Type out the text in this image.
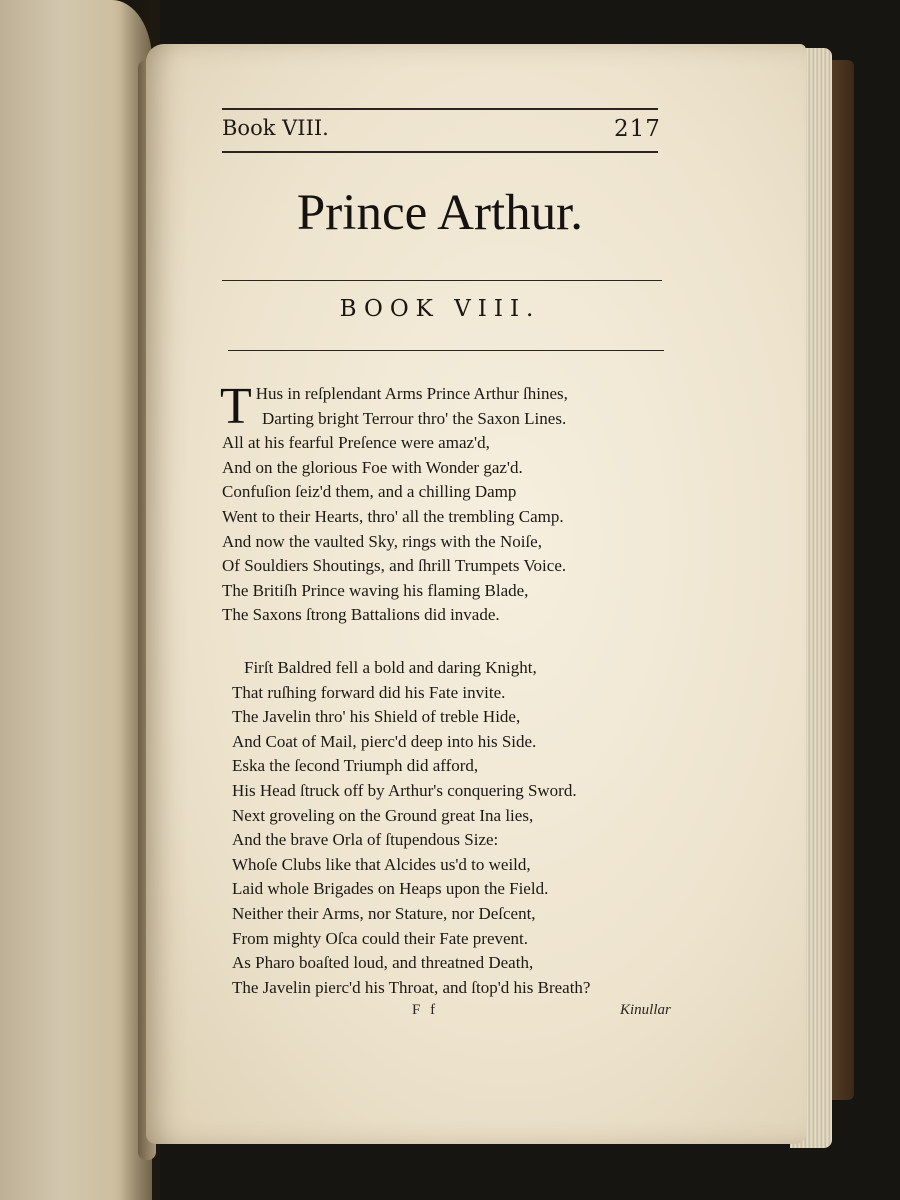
Book VIII.	217
Prince Arthur.
BOOK VIII.
T Hus in reſplendant Arms Prince Arthur ſhines,
Darting bright Terrour thro' the Saxon Lines.
All at his fearful Preſence were amaz'd,
And on the glorious Foe with Wonder gaz'd.
Confuſion ſeiz'd them, and a chilling Damp
Went to their Hearts, thro' all the trembling Camp.
And now the vaulted Sky, rings with the Noiſe,
Of Souldiers Shoutings, and ſhrill Trumpets Voice.
The Britiſh Prince waving his flaming Blade,
The Saxons ſtrong Battalions did invade.
Firſt Baldred fell a bold and daring Knight,
That ruſhing forward did his Fate invite.
The Javelin thro' his Shield of treble Hide,
And Coat of Mail, pierc'd deep into his Side.
Eska the ſecond Triumph did afford,
His Head ſtruck off by Arthur's conquering Sword.
Next groveling on the Ground great Ina lies,
And the brave Orla of ſtupendous Size:
Whoſe Clubs like that Alcides us'd to weild,
Laid whole Brigades on Heaps upon the Field.
Neither their Arms, nor Stature, nor Deſcent,
From mighty Oſca could their Fate prevent.
As Pharo boaſted loud, and threatned Death,
The Javelin pierc'd his Throat, and ſtop'd his Breath?
F f	Kinullar
